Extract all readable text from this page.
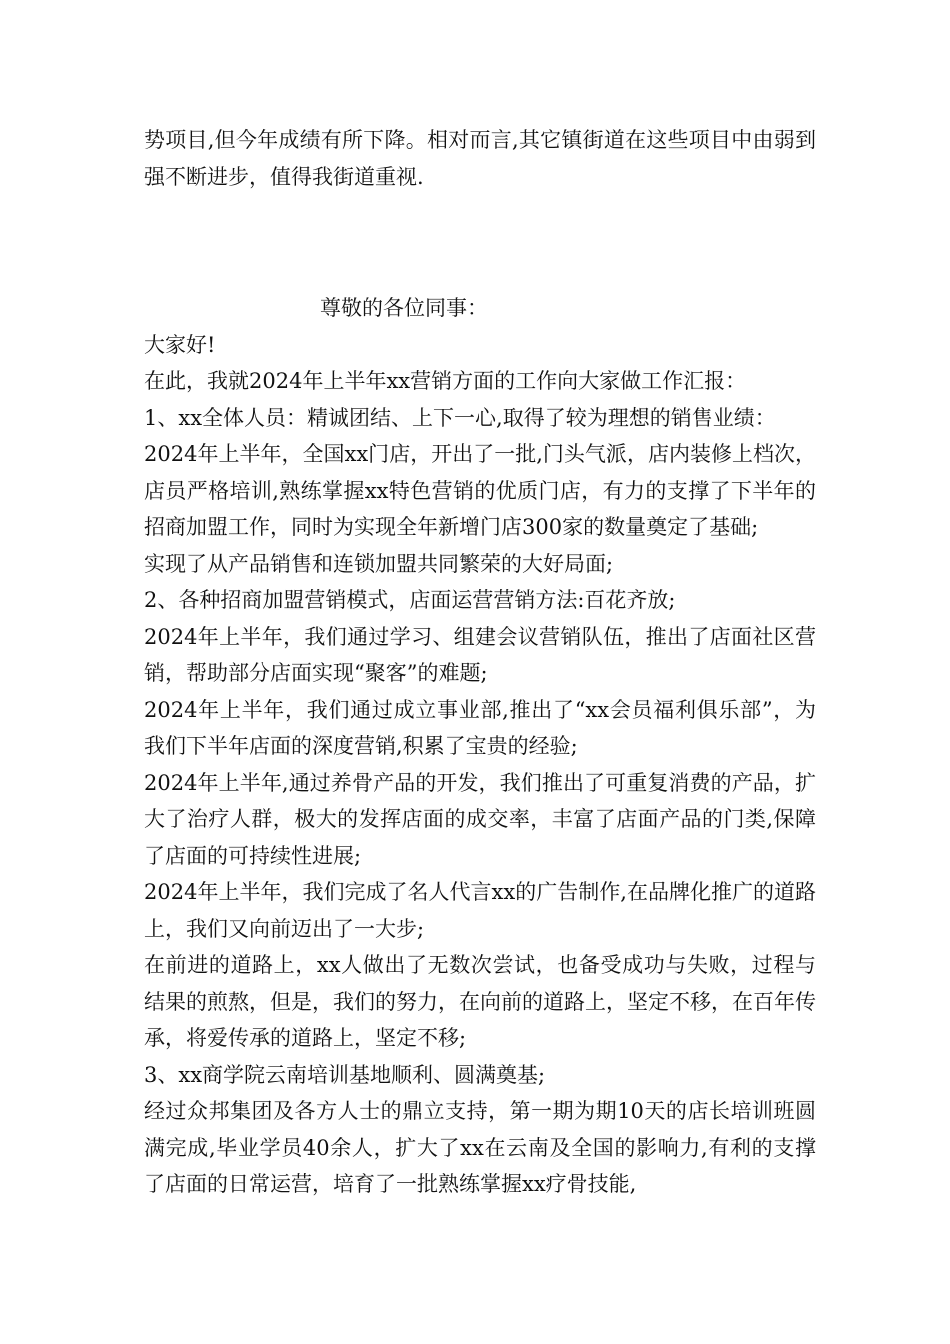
势项目,但今年成绩有所下降。相对而言,其它镇街道在这些项目中由弱到强不断进步，值得我街道重视.

尊敬的各位同事：

大家好!

在此，我就2024年上半年xx营销方面的工作向大家做工作汇报：

1、xx全体人员：精诚团结、上下一心,取得了较为理想的销售业绩：

2024年上半年，全国xx门店，开出了一批,门头气派，店内装修上档次，店员严格培训,熟练掌握xx特色营销的优质门店，有力的支撑了下半年的招商加盟工作，同时为实现全年新增门店300家的数量奠定了基础;

实现了从产品销售和连锁加盟共同繁荣的大好局面;

2、各种招商加盟营销模式，店面运营营销方法:百花齐放;

2024年上半年，我们通过学习、组建会议营销队伍，推出了店面社区营销，帮助部分店面实现“聚客”的难题;

2024年上半年，我们通过成立事业部,推出了“xx会员福利俱乐部”，为我们下半年店面的深度营销,积累了宝贵的经验;

2024年上半年,通过养骨产品的开发，我们推出了可重复消费的产品，扩大了治疗人群，极大的发挥店面的成交率，丰富了店面产品的门类,保障了店面的可持续性进展;

2024年上半年，我们完成了名人代言xx的广告制作,在品牌化推广的道路上，我们又向前迈出了一大步;

在前进的道路上，xx人做出了无数次尝试，也备受成功与失败，过程与结果的煎熬，但是，我们的努力，在向前的道路上，坚定不移，在百年传承，将爱传承的道路上，坚定不移;

3、xx商学院云南培训基地顺利、圆满奠基;

经过众邦集团及各方人士的鼎立支持，第一期为期10天的店长培训班圆满完成,毕业学员40余人，扩大了xx在云南及全国的影响力,有利的支撑了店面的日常运营，培育了一批熟练掌握xx疗骨技能,
